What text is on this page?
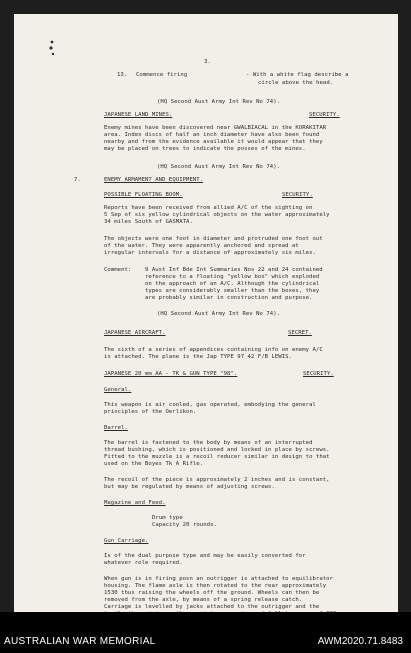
3.
13. Commence firing	- With a white flag describe a
circle above the head.
(HQ Second Aust Army Int Rev No 74).
JAPANESE LAND MINES.	SECURITY.
Enemy mines have been discovered near GWALBIACAL in the KORAKITAR
area. Index discs of half an inch diameter have also been found
nearby and from the evidence available it would appear that they
may be placed on trees to indicate the posses of the mines.
(HQ Second Aust Army Int Rev No 74).
7.	ENEMY ARMAMENT AND EQUIPMENT.
POSSIBLE FLOATING BOOM.	SECURITY.
Reports have been received from allied A/C of the sighting on
5 Sep of six yellow cylindrical objects on the water approximately
34 miles South of GASMATA.
The objects were one foot in diameter and protruded one foot out
of the water. They were apparently anchored and spread at
irregular intervals for a distance of approximately six miles.
Comment: 9 Aust Inf Bde Int Summaries Nos 22 and 24 contained
reference to a floating "yellow box" which exploded
on the approach of an A/C. Although the cylindrical
types are considerably smaller than the boxes, they
are probably similar in construction and purpose.
(HQ Second Aust Army Int Rev No 74).
JAPANESE AIRCRAFT.	SECRET.
The sixth of a series of appendices containing info on enemy A/C
is attached. The plane is the Jap TYPE 97 42 F/B LEWIS.
JAPANESE 20 mm AA - TK & GUN TYPE "98".	SECURITY.
General.
This weapon is air cooled, gas operated, embodying the general
principles of the Oerlikon.
Barrel.
The barrel is fastened to the body by means of an interrupted
thread bushing, which is positioned and locked in place by screws.
Fitted to the muzzle is a recoil reducer similar in design to that
used on the Boyes Tk A Rifle.
The recoil of the piece is approximately 2 inches and is constant,
but may be regulated by means of adjusting screws.
Magazine and Feed.
Drum type
Capacity 20 rounds.
Gun Carriage.
Is of the dual purpose type and may be easily converted for
whatever role required.
When gun is in firing posn an outrigger is attached to equilibrator
housing. The flame axle is then rotated to the rear approximately
1530 thus raising the wheels off the ground. Wheels can then be
removed from the axle, by means of a spring release catch.
Carriage is levelled by jacks attached to the outrigger and the
AUSTRALIAN WAR MEMORIAL	AWM2020.71.8483
